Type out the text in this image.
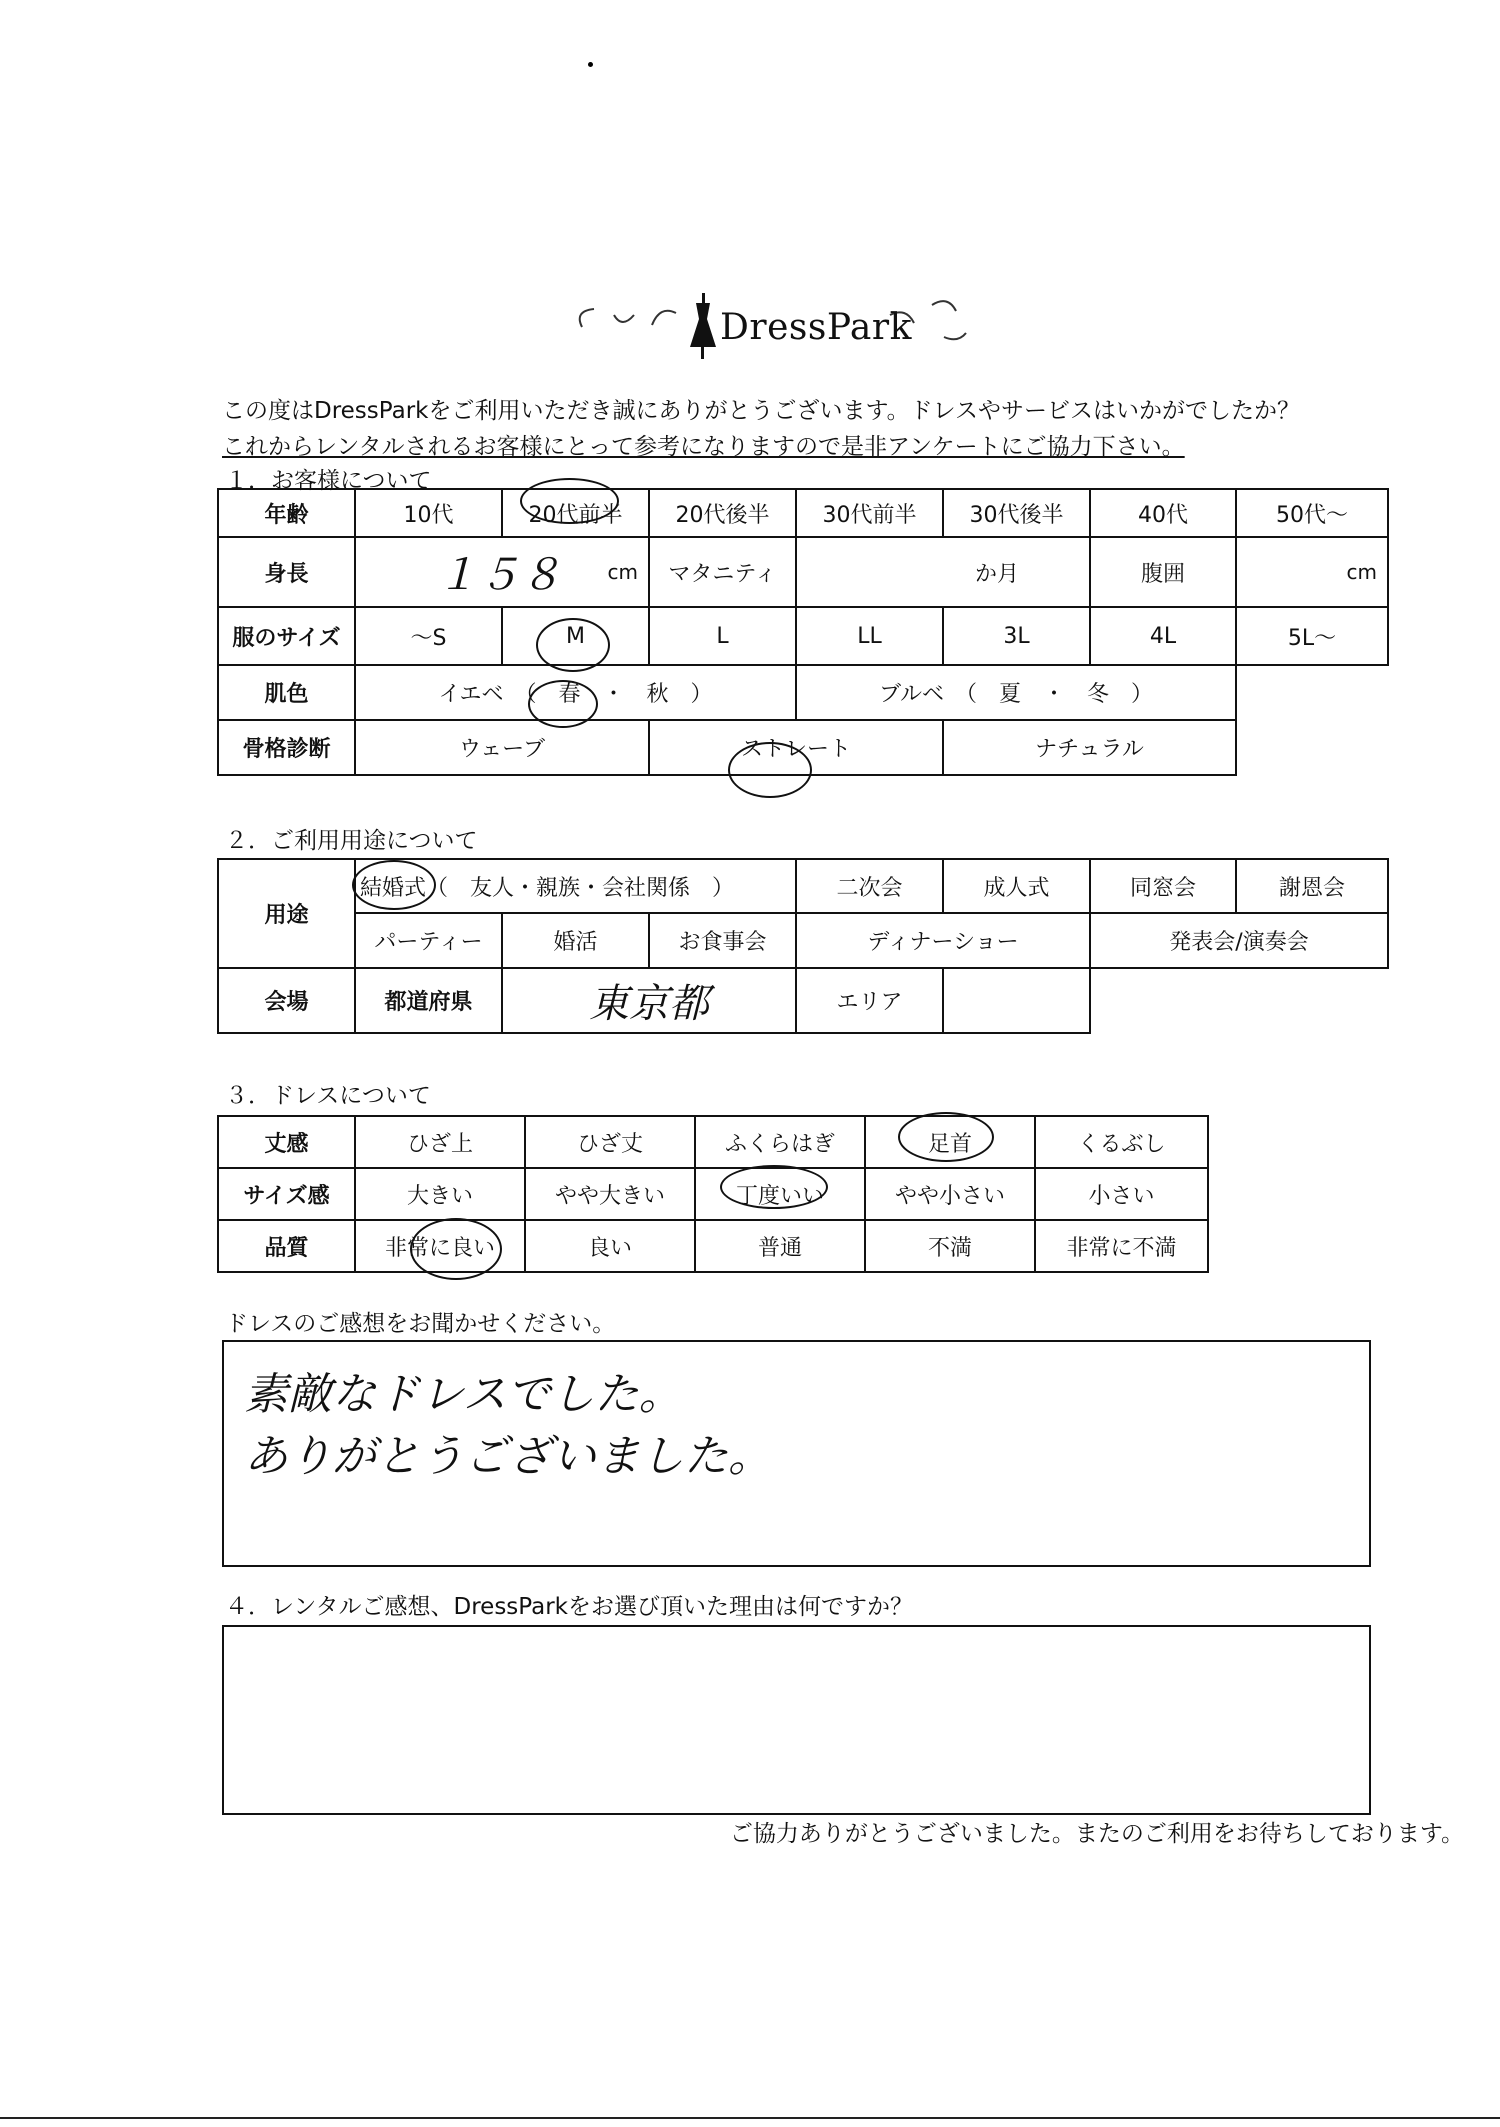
DressPark
この度はDressParkをご利用いただき誠にありがとうございます。ドレスやサービスはいかがでしたか？
これからレンタルされるお客様にとって参考になりますので是非アンケートにご協力下さい。
１．お客様について
年齢	10代	20代前半	20代後半	30代前半	30代後半	40代	50代～
身長	１５８ cm		マタニティ	か月		腹囲	cm

服のサイズ	～S	M	L	LL	3L	4L	5L～
肌色	イエベ　（　春　・　秋　）			ブルベ　（　夏　・　冬　）			
骨格診断	ウェーブ		ストレート		ナチュラル		
２．ご利用用途について
用途	結婚式（　友人・親族・会社関係　）			二次会	成人式	同窓会	謝恩会
	パーティー	婚活	お食事会	ディナーショー		発表会/演奏会	
会場	都道府県	東京都		エリア			
３．ドレスについて
丈感	ひざ上	ひざ丈	ふくらはぎ	足首	くるぶし
サイズ感	大きい	やや大きい	丁度いい	やや小さい	小さい
品質	非常に良い	良い	普通	不満	非常に不満
ドレスのご感想をお聞かせください。
素敵なドレスでした。
ありがとうございました。
４．レンタルご感想、DressParkをお選び頂いた理由は何ですか？
ご協力ありがとうございました。またのご利用をお待ちしております。
